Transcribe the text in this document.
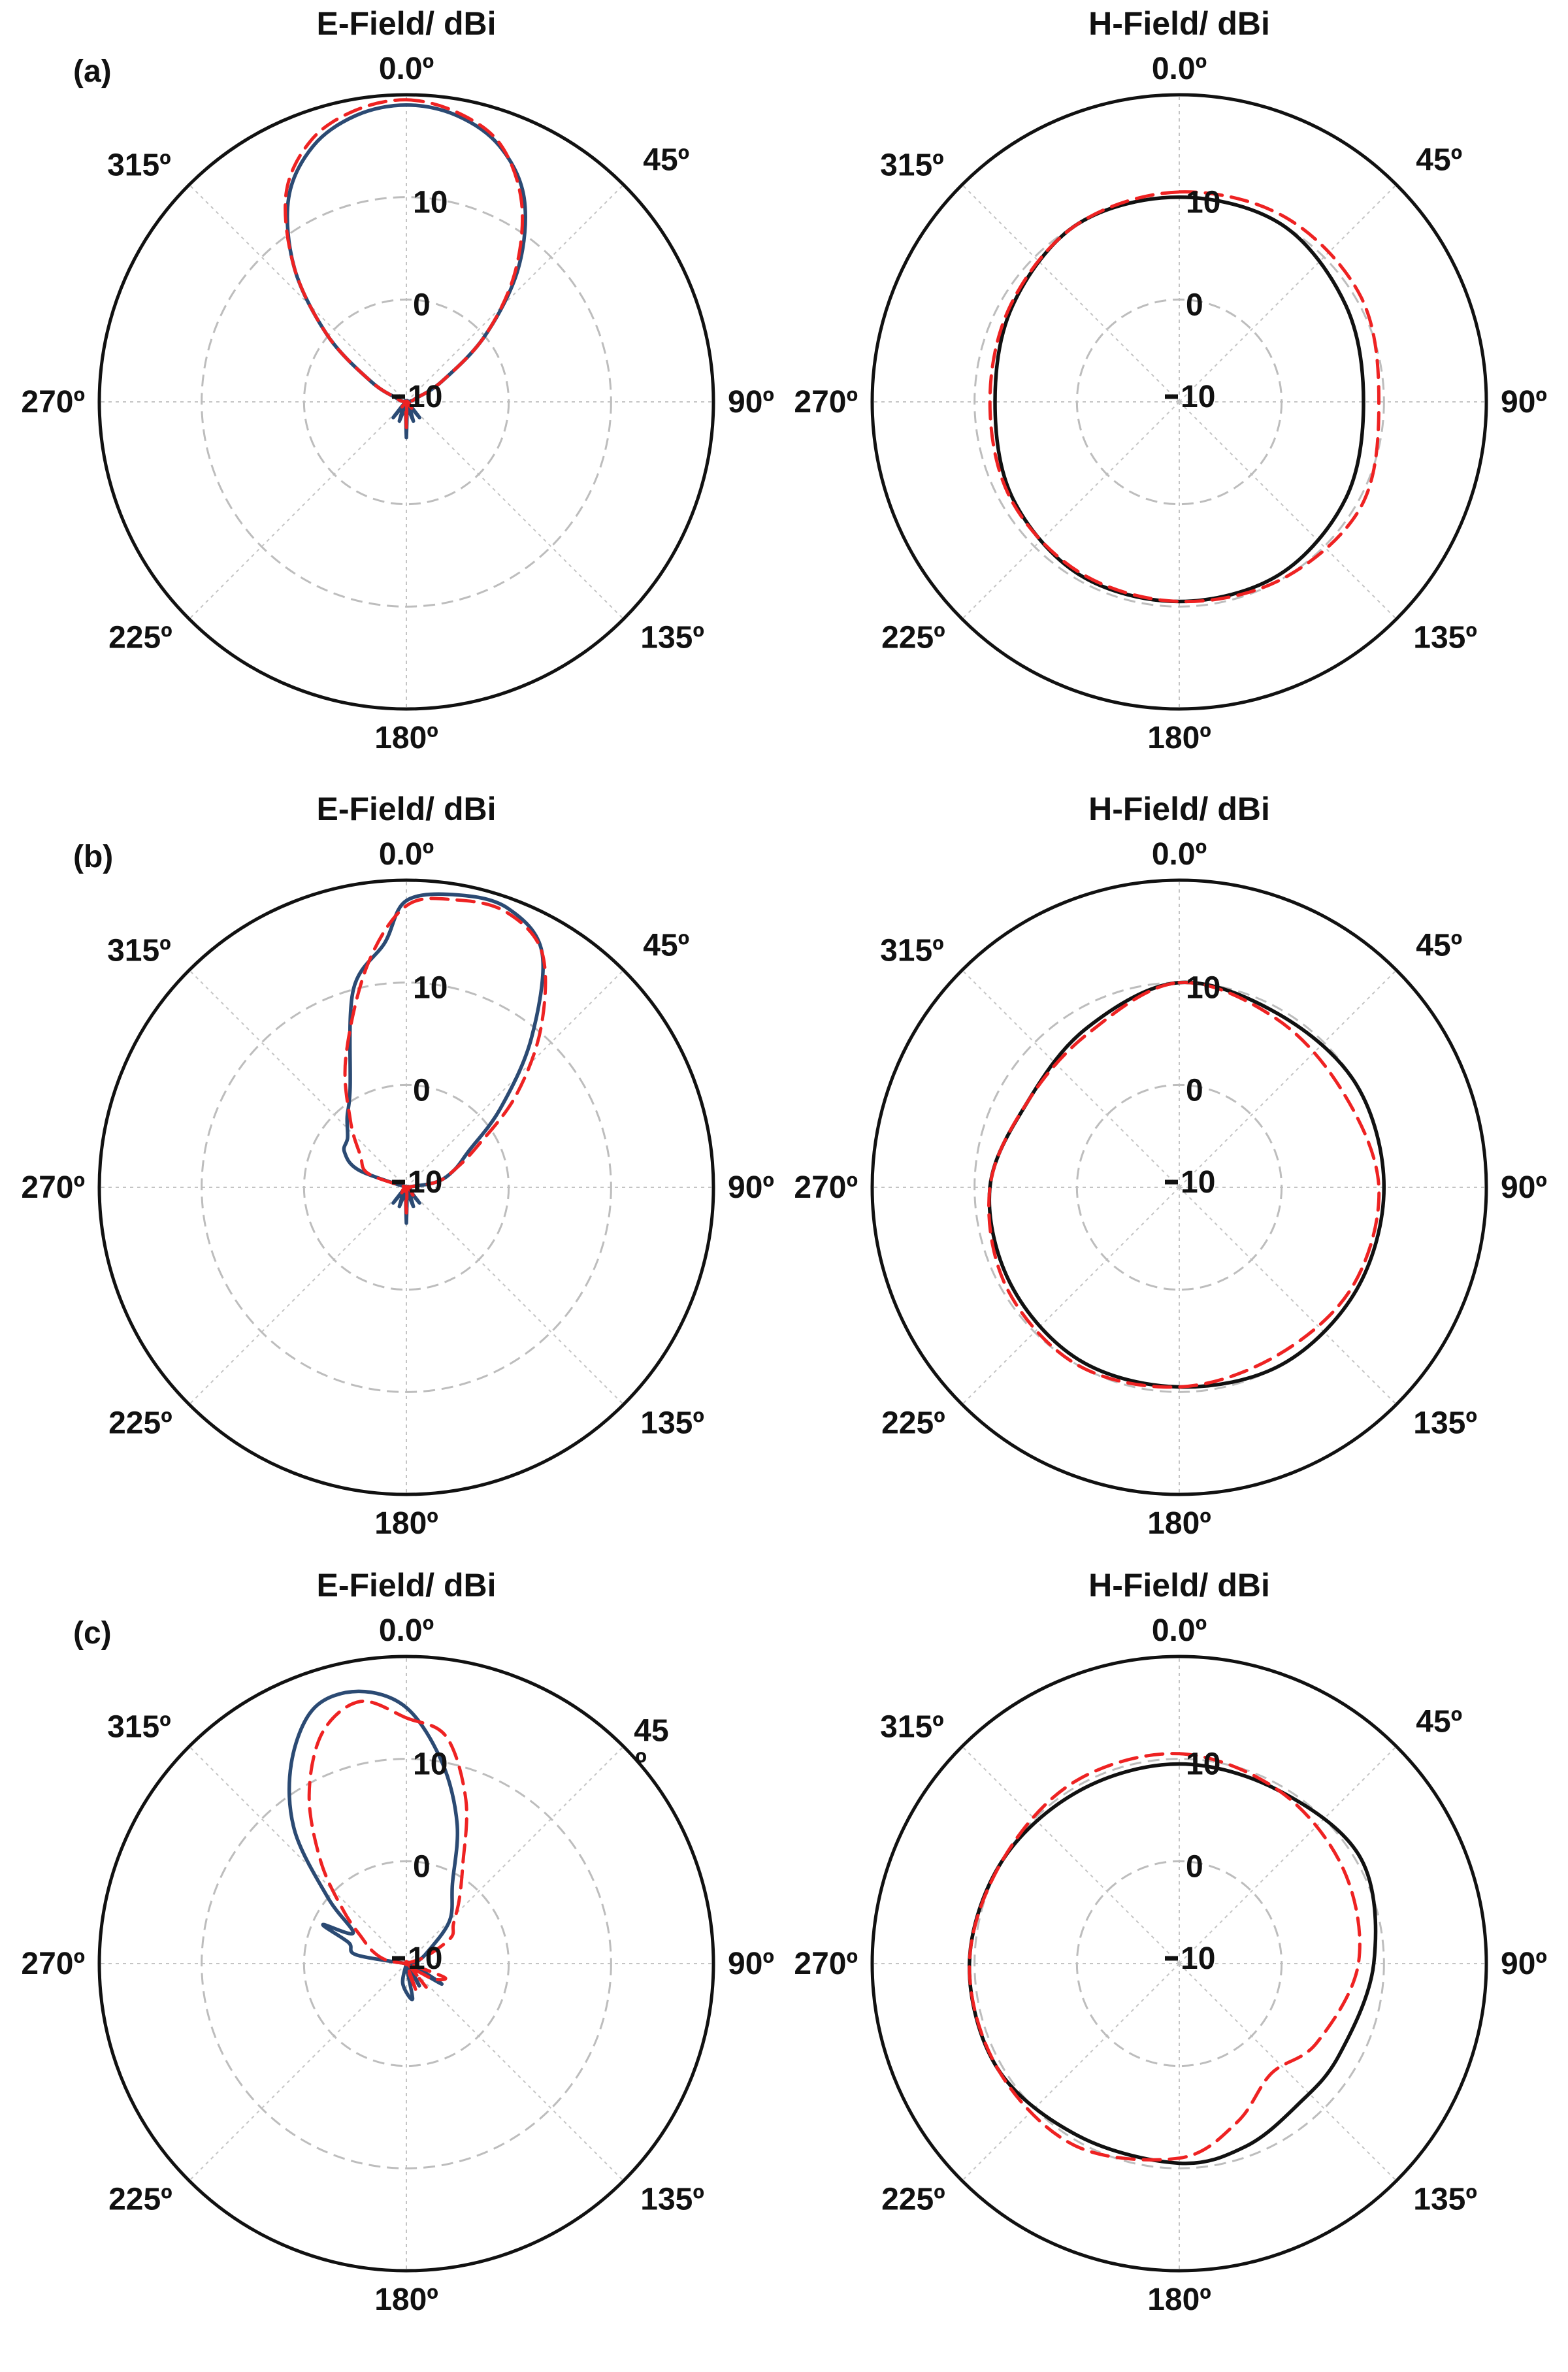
10
0
10
0.0º
45º
90º
135º
180º
225º
270º
315º
E-Field/ dBi
(a)
10
0
10
0.0º
45º
90º
135º
180º
225º
270º
315º
H-Field/ dBi
10
0
10
0.0º
45º
90º
135º
180º
225º
270º
315º
E-Field/ dBi
(b)
10
0
10
0.0º
45º
90º
135º
180º
225º
270º
315º
H-Field/ dBi
10
0
10
0.0º
45
º
90º
135º
180º
225º
270º
315º
E-Field/ dBi
(c)
10
0
10
0.0º
45º
90º
135º
180º
225º
270º
315º
H-Field/ dBi
